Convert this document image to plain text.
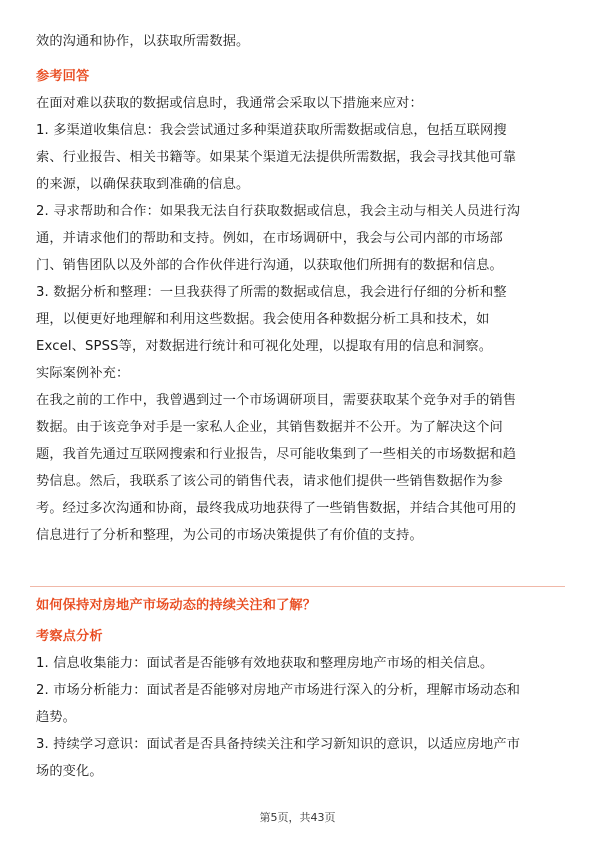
效的沟通和协作，以获取所需数据。
参考回答
在面对难以获取的数据或信息时，我通常会采取以下措施来应对：
1. 多渠道收集信息：我会尝试通过多种渠道获取所需数据或信息，包括互联网搜
索、行业报告、相关书籍等。如果某个渠道无法提供所需数据，我会寻找其他可靠
的来源，以确保获取到准确的信息。
2. 寻求帮助和合作：如果我无法自行获取数据或信息，我会主动与相关人员进行沟
通，并请求他们的帮助和支持。例如，在市场调研中，我会与公司内部的市场部
门、销售团队以及外部的合作伙伴进行沟通，以获取他们所拥有的数据和信息。
3. 数据分析和整理：一旦我获得了所需的数据或信息，我会进行仔细的分析和整
理，以便更好地理解和利用这些数据。我会使用各种数据分析工具和技术，如
Excel、SPSS等，对数据进行统计和可视化处理，以提取有用的信息和洞察。
实际案例补充：
在我之前的工作中，我曾遇到过一个市场调研项目，需要获取某个竞争对手的销售
数据。由于该竞争对手是一家私人企业，其销售数据并不公开。为了解决这个问
题，我首先通过互联网搜索和行业报告，尽可能收集到了一些相关的市场数据和趋
势信息。然后，我联系了该公司的销售代表，请求他们提供一些销售数据作为参
考。经过多次沟通和协商，最终我成功地获得了一些销售数据，并结合其他可用的
信息进行了分析和整理，为公司的市场决策提供了有价值的支持。
如何保持对房地产市场动态的持续关注和了解？
考察点分析
1. 信息收集能力：面试者是否能够有效地获取和整理房地产市场的相关信息。
2. 市场分析能力：面试者是否能够对房地产市场进行深入的分析，理解市场动态和
趋势。
3. 持续学习意识：面试者是否具备持续关注和学习新知识的意识，以适应房地产市
场的变化。
第5页，共43页
